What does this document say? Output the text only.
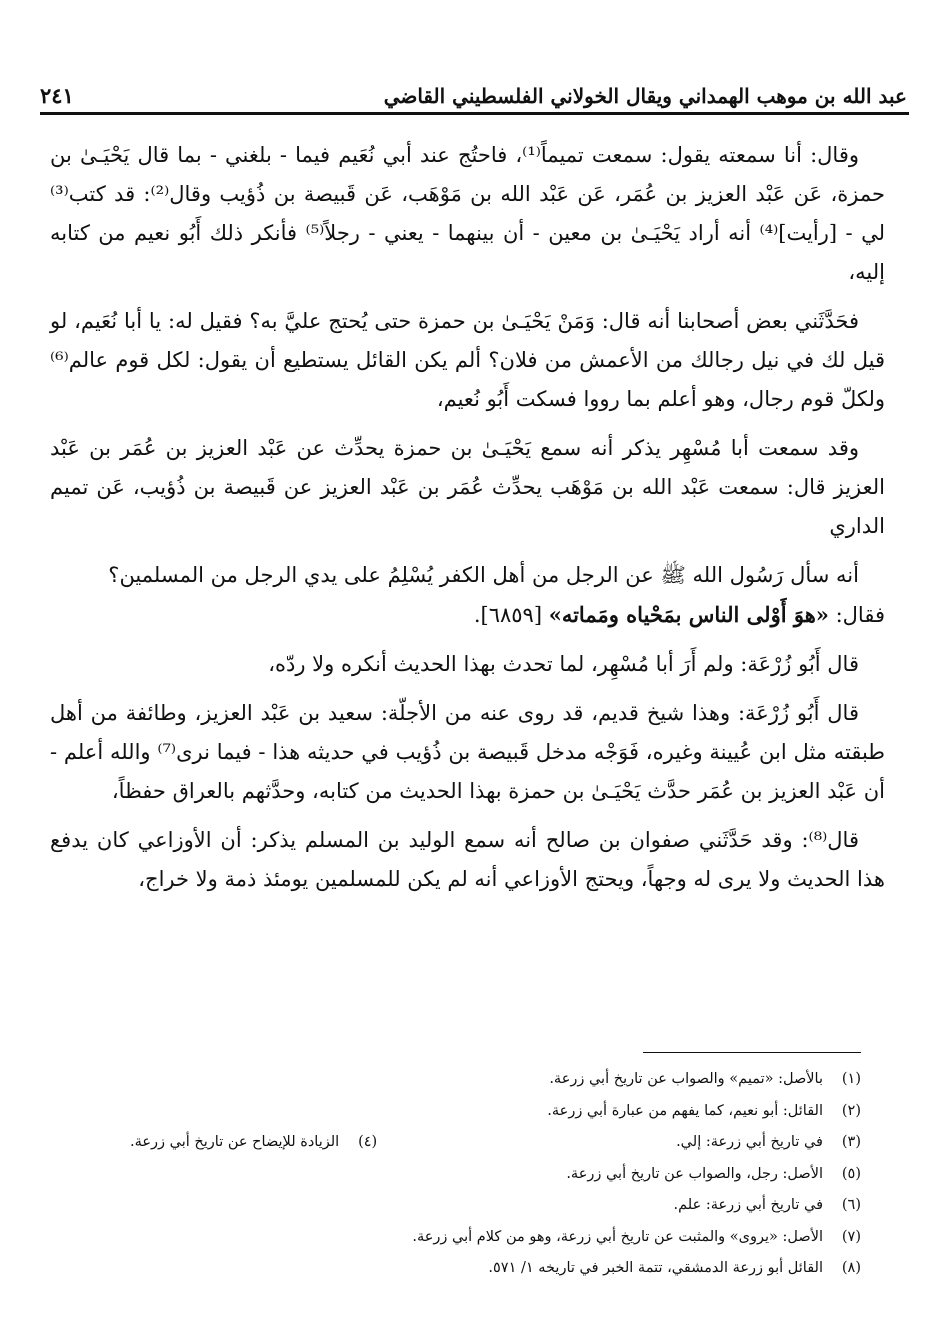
عبد الله بن موهب الهمداني ويقال الخولاني الفلسطيني القاضي
٢٤١

وقال: أنا سمعته يقول: سمعت تميماً⁽¹⁾، فاحتُج عند أبي نُعَيم فيما - بلغني - بما قال يَحْيَـىٰ بن حمزة، عَن عَبْد العزيز بن عُمَر، عَن عَبْد الله بن مَوْهَب، عَن قَبيصة بن ذُؤيب وقال⁽²⁾: قد كتب⁽³⁾ لي - [رأيت]⁽⁴⁾ أنه أراد يَحْيَـىٰ بن معين - أن بينهما - يعني - رجلاً⁽⁵⁾ فأنكر ذلك أَبُو نعيم من كتابه إليه،

فحَدَّثَني بعض أصحابنا أنه قال: وَمَنْ يَحْيَـىٰ بن حمزة حتى يُحتج عليَّ به؟ فقيل له: يا أبا نُعَيم، لو قيل لك في نيل رجالك من الأعمش من فلان؟ ألم يكن القائل يستطيع أن يقول: لكل قوم عالم⁽⁶⁾ ولكلّ قوم رجال، وهو أعلم بما رووا فسكت أَبُو نُعيم،

وقد سمعت أبا مُسْهِر يذكر أنه سمع يَحْيَـىٰ بن حمزة يحدِّث عن عَبْد العزيز بن عُمَر بن عَبْد العزيز قال: سمعت عَبْد الله بن مَوْهَب يحدِّث عُمَر بن عَبْد العزيز عن قَبيصة بن ذُؤيب، عَن تميم الداري

أنه سأل رَسُول الله ﷺ عن الرجل من أهل الكفر يُسْلِمُ على يدي الرجل من المسلمين؟

فقال: «هوَ أَوْلى الناس بمَحْياه ومَماته» [٦٨٥٩].

قال أَبُو زُرْعَة: ولم أَرَ أبا مُسْهِر، لما تحدث بهذا الحديث أنكره ولا ردّه،

قال أَبُو زُرْعَة: وهذا شيخ قديم، قد روى عنه من الأجلّة: سعيد بن عَبْد العزيز، وطائفة من أهل طبقته مثل ابن عُيينة وغيره، فَوَجْه مدخل قَبيصة بن ذُؤيب في حديثه هذا - فيما نرى⁽⁷⁾ والله أعلم - أن عَبْد العزيز بن عُمَر حدَّث يَحْيَـىٰ بن حمزة بهذا الحديث من كتابه، وحدَّثهم بالعراق حفظاً،

قال⁽⁸⁾: وقد حَدَّثَني صفوان بن صالح أنه سمع الوليد بن المسلم يذكر: أن الأوزاعي كان يدفع هذا الحديث ولا يرى له وجهاً، ويحتج الأوزاعي أنه لم يكن للمسلمين يومئذ ذمة ولا خراج،

(١)
بالأصل: «تميم» والصواب عن تاريخ أبي زرعة.
(٢)
القائل: أبو نعيم، كما يفهم من عبارة أبي زرعة.
(٣)
في تاريخ أبي زرعة: إلي.
(٤)
الزيادة للإيضاح عن تاريخ أبي زرعة.
(٥)
الأصل: رجل، والصواب عن تاريخ أبي زرعة.
(٦)
في تاريخ أبي زرعة: علم.
(٧)
الأصل: «يروى» والمثبت عن تاريخ أبي زرعة، وهو من كلام أبي زرعة.
(٨)
القائل أبو زرعة الدمشقي، تتمة الخبر في تاريخه ١/ ٥٧١.
